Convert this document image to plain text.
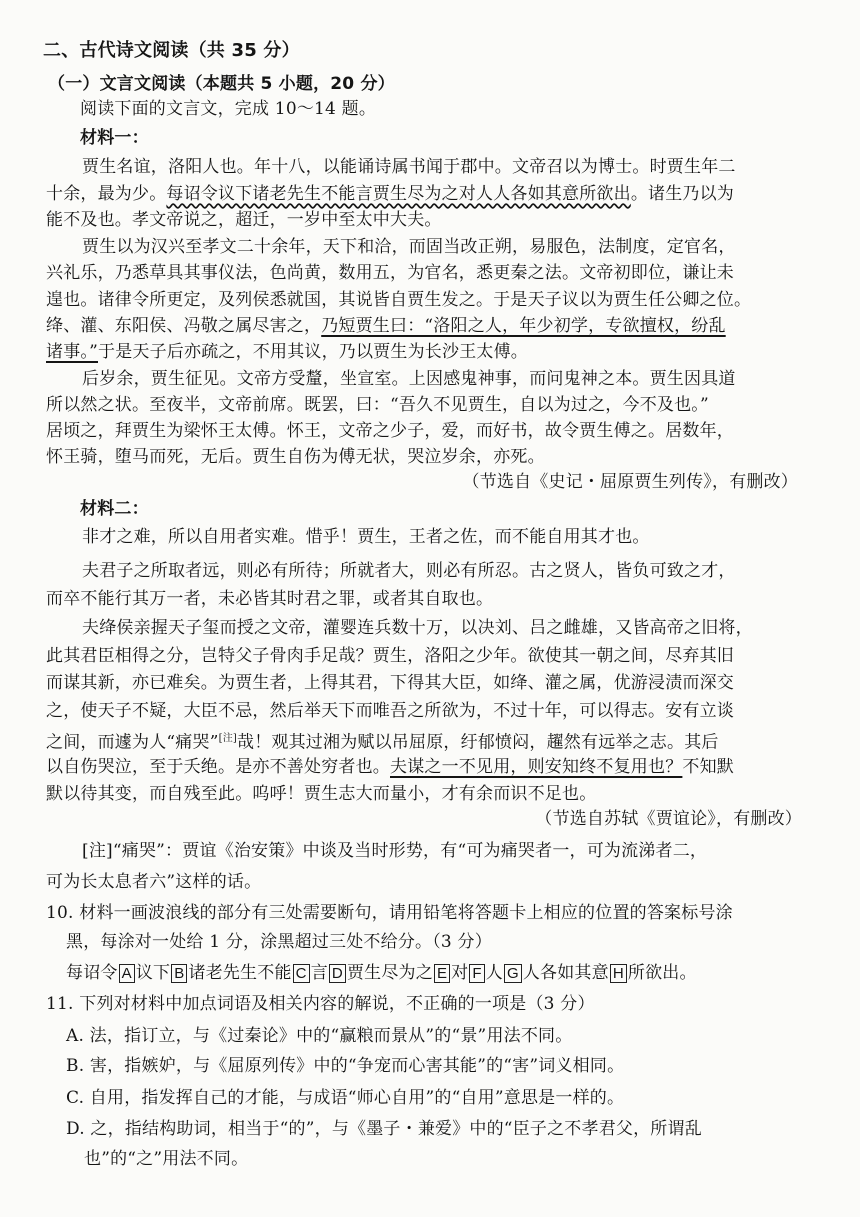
二、古代诗文阅读（共 35 分）

（一）文言文阅读（本题共 5 小题，20 分）

阅读下面的文言文，完成 10～14 题。

材料一：

贾生名谊，洛阳人也。年十八，以能诵诗属书闻于郡中。文帝召以为博士。时贾生年二

十余，最为少。每诏令议下诸老先生不能言贾生尽为之对人人各如其意所欲出。诸生乃以为

能不及也。孝文帝说之，超迁，一岁中至太中大夫。

贾生以为汉兴至孝文二十余年，天下和洽，而固当改正朔，易服色，法制度，定官名，

兴礼乐，乃悉草具其事仪法，色尚黄，数用五，为官名，悉更秦之法。文帝初即位，谦让未

遑也。诸律令所更定，及列侯悉就国，其说皆自贾生发之。于是天子议以为贾生任公卿之位。

绛、灌、东阳侯、冯敬之属尽害之，乃短贾生曰：“洛阳之人，年少初学，专欲擅权，纷乱

诸事。”于是天子后亦疏之，不用其议，乃以贾生为长沙王太傅。

后岁余，贾生征见。文帝方受釐，坐宣室。上因感鬼神事，而问鬼神之本。贾生因具道

所以然之状。至夜半，文帝前席。既罢，曰：“吾久不见贾生，自以为过之，今不及也。”

居顷之，拜贾生为梁怀王太傅。怀王，文帝之少子，爱，而好书，故令贾生傅之。居数年，

怀王骑，堕马而死，无后。贾生自伤为傅无状，哭泣岁余，亦死。

（节选自《史记・屈原贾生列传》，有删改）

材料二：

非才之难，所以自用者实难。惜乎！贾生，王者之佐，而不能自用其才也。

夫君子之所取者远，则必有所待；所就者大，则必有所忍。古之贤人，皆负可致之才，

而卒不能行其万一者，未必皆其时君之罪，或者其自取也。

夫绛侯亲握天子玺而授之文帝，灌婴连兵数十万，以决刘、吕之雌雄，又皆高帝之旧将，

此其君臣相得之分，岂特父子骨肉手足哉？贾生，洛阳之少年。欲使其一朝之间，尽弃其旧

而谋其新，亦已难矣。为贾生者，上得其君，下得其大臣，如绛、灌之属，优游浸渍而深交

之，使天子不疑，大臣不忌，然后举天下而唯吾之所欲为，不过十年，可以得志。安有立谈

之间，而遽为人“痛哭”[注]哉！观其过湘为赋以吊屈原，纡郁愤闷，趯然有远举之志。其后

以自伤哭泣，至于夭绝。是亦不善处穷者也。夫谋之一不见用，则安知终不复用也？不知默

默以待其变，而自残至此。呜呼！贾生志大而量小，才有余而识不足也。

（节选自苏轼《贾谊论》，有删改）

[注]“痛哭”：贾谊《治安策》中谈及当时形势，有“可为痛哭者一，可为流涕者二，

可为长太息者六”这样的话。

10. 材料一画波浪线的部分有三处需要断句，请用铅笔将答题卡上相应的位置的答案标号涂

黑，每涂对一处给 1 分，涂黑超过三处不给分。（3 分）

每诏令 A 议下 B 诸老先生不能 C 言 D 贾生尽为之 E 对 F 人 G 人各如其意 H 所欲出。

11. 下列对材料中加点词语及相关内容的解说，不正确的一项是（3 分）

A. 法，指订立，与《过秦论》中的“赢粮而景从”的“景”用法不同。

B. 害，指嫉妒，与《屈原列传》中的“争宠而心害其能”的“害”词义相同。

C. 自用，指发挥自己的才能，与成语“师心自用”的“自用”意思是一样的。

D. 之，指结构助词，相当于“的”，与《墨子・兼爱》中的“臣子之不孝君父，所谓乱

也”的“之”用法不同。
